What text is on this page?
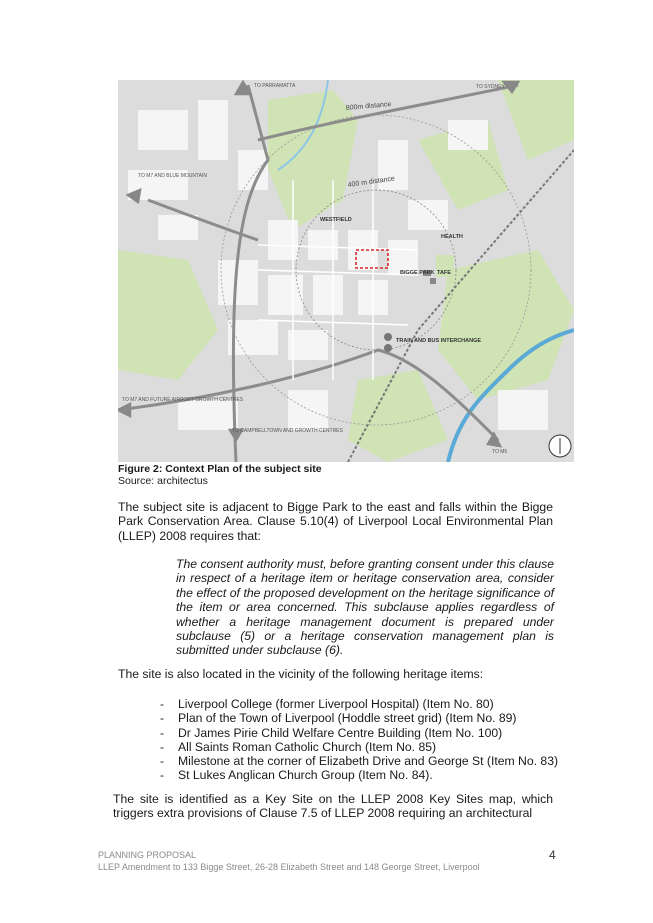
TO PARRAMATTA	TO SYDNEY
800m distance
400 m distance
TO M7 AND BLUE MOUNTAIN
WESTFIELD
HEALTH
BIGGE PARK TAFE
TRAIN AND BUS INTERCHANGE
TO M7 AND FUTURE AIRPORT GROWTH CENTRES
TO CAMPBELLTOWN AND GROWTH CENTRES
TO M5
Figure 2: Context Plan of the subject site
Source: architectus
The subject site is adjacent to Bigge Park to the east and falls within the Bigge Park Conservation Area. Clause 5.10(4) of Liverpool Local Environmental Plan (LLEP) 2008 requires that:
The consent authority must, before granting consent under this clause in respect of a heritage item or heritage conservation area, consider the effect of the proposed development on the heritage significance of the item or area concerned. This subclause applies regardless of whether a heritage management document is prepared under subclause (5) or a heritage conservation management plan is submitted under subclause (6).
The site is also located in the vicinity of the following heritage items:
- Liverpool College (former Liverpool Hospital) (Item No. 80)
- Plan of the Town of Liverpool (Hoddle street grid) (Item No. 89)
- Dr James Pirie Child Welfare Centre Building (Item No. 100)
- All Saints Roman Catholic Church (Item No. 85)
- Milestone at the corner of Elizabeth Drive and George St (Item No. 83)
- St Lukes Anglican Church Group (Item No. 84).
The site is identified as a Key Site on the LLEP 2008 Key Sites map, which triggers extra provisions of Clause 7.5 of LLEP 2008 requiring an architectural
PLANNING PROPOSAL
LLEP Amendment to 133 Bigge Street, 26-28 Elizabeth Street and 148 George Street, Liverpool
4
